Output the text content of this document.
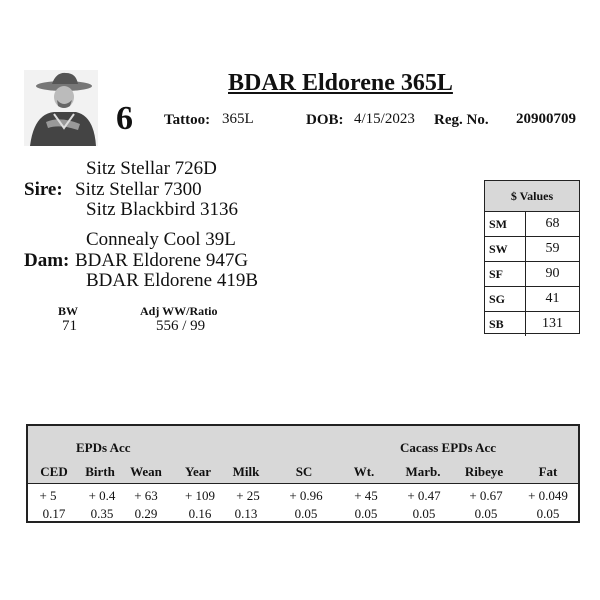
BDAR Eldorene 365L
6 Tattoo: 365L	DOB: 4/15/2023 Reg. No. 20900709
Sitz Stellar 726D
Sire: Sitz Stellar 7300
Sitz Blackbird 3136
Connealy Cool 39L
Dam: BDAR Eldorene 947G
BDAR Eldorene 419B
BW
71
Adj WW/Ratio
556 / 99
$ Values
SM	68
SW	59
SF	90
SG	41
SB	131
EPDs Acc	Cacass EPDs Acc
CED	Birth	Wean	Year	Milk	SC	Wt.	Marb.	Ribeye	Fat
+ 5	+ 0.4	+ 63	+ 109	+ 25	+ 0.96	+ 45	+ 0.47	+ 0.67	+ 0.049
0.17	0.35	0.29	0.16	0.13	0.05	0.05	0.05	0.05	0.05
